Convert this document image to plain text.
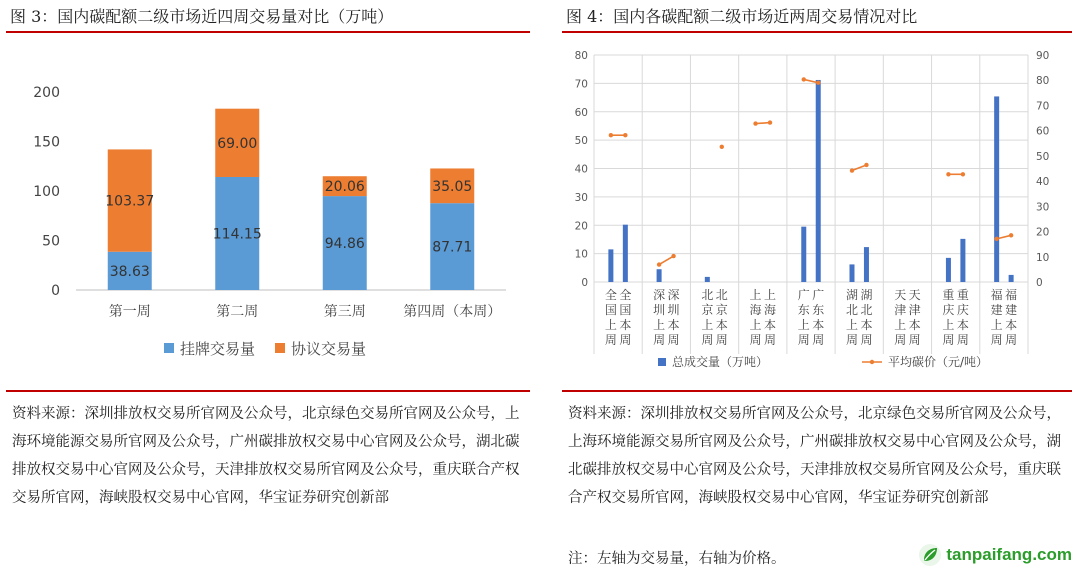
图 3：国内碳配额二级市场近四周交易量对比（万吨）
0
50
100
150
200
38.63
103.37
第一周
114.15
69.00
第二周
94.86
20.06
第三周
87.71
35.05
第四周（本周）
挂牌交易量 协议交易量
资料来源：深圳排放权交易所官网及公众号，北京绿色交易所官网及公众号，上海环境能源交易所官网及公众号，广州碳排放权交易中心官网及公众号，湖北碳排放权交易中心官网及公众号，天津排放权交易所官网及公众号，重庆联合产权交易所官网，海峡股权交易中心官网，华宝证券研究创新部
图 4：国内各碳配额二级市场近两周交易情况对比
0
10
20
30
40
50
60
70
80
0
10
20
30
40
50
60
70
80
90
全国上周
全国本周
深圳上周
深圳本周
北京上周
北京本周
上海上周
上海本周
广东上周
广东本周
湖北上周
湖北本周
天津上周
天津本周
重庆上周
重庆本周
福建上周
福建本周
总成交量（万吨）	平均碳价（元/吨）
资料来源：深圳排放权交易所官网及公众号，北京绿色交易所官网及公众号，上海环境能源交易所官网及公众号，广州碳排放权交易中心官网及公众号，湖北碳排放权交易中心官网及公众号，天津排放权交易所官网及公众号，重庆联合产权交易所官网，海峡股权交易中心官网，华宝证券研究创新部
注：左轴为交易量，右轴为价格。	tanpaifang.com
